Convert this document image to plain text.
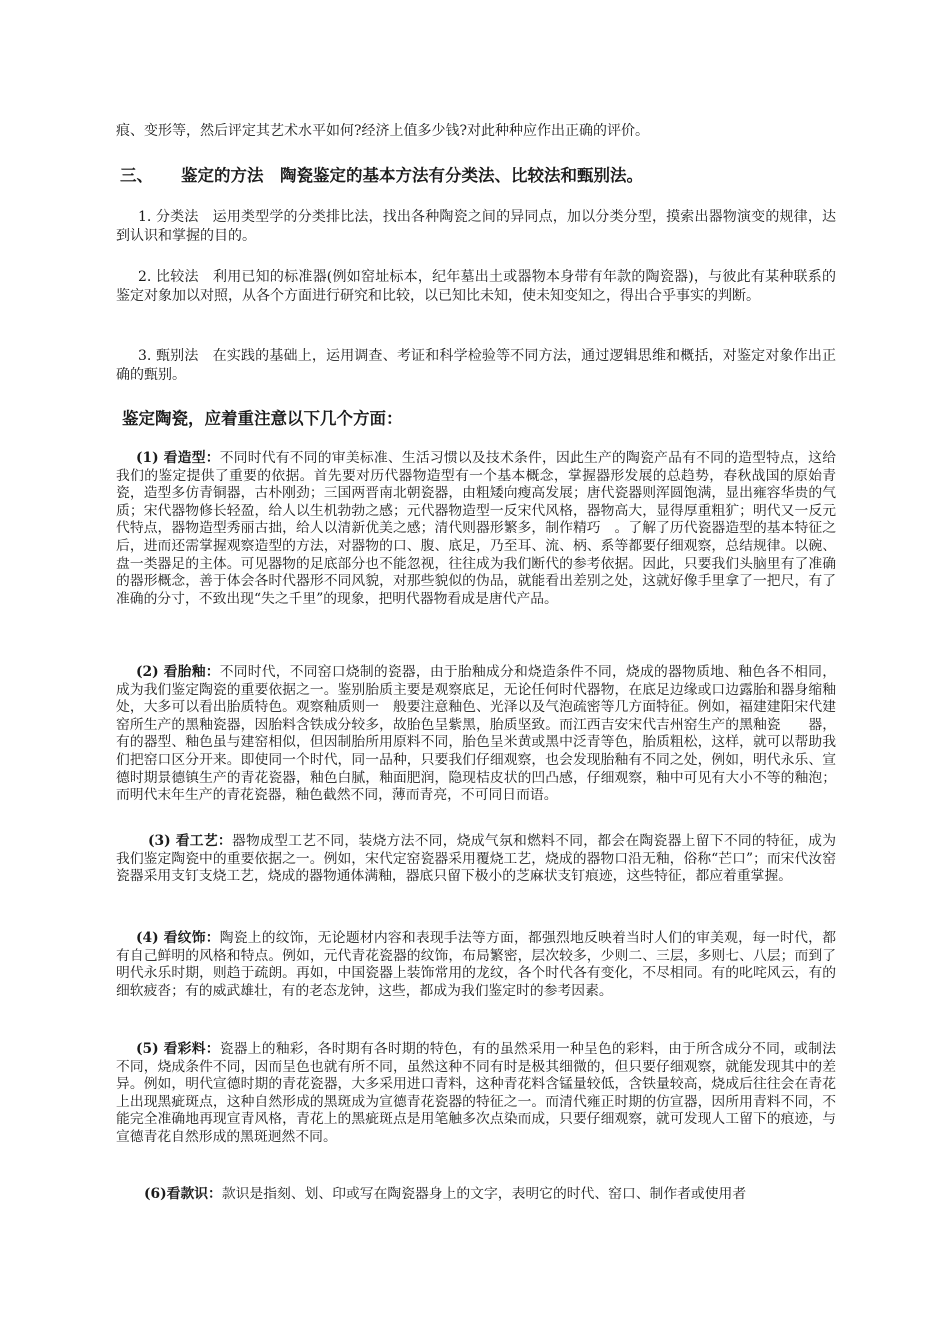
痕、变形等，然后评定其艺术水平如何?经济上值多少钱?对此种种应作出正确的评价。
三、 鉴定的方法　陶瓷鉴定的基本方法有分类法、比较法和甄别法。
1. 分类法　 运用类型学的分类排比法，找出各种陶瓷之间的异同点，加以分类分型，摸索出器物演变的规律，达到认识和掌握的目的。
2. 比较法　 利用已知的标准器(例如窑址标本，纪年墓出土或器物本身带有年款的陶瓷器)，与彼此有某种联系的鉴定对象加以对照，从各个方面进行研究和比较，以已知比未知，使未知变知之，得出合乎事实的判断。
3. 甄别法　 在实践的基础上，运用调查、考证和科学检验等不同方法，通过逻辑思维和概括，对鉴定对象作出正确的甄别。
鉴定陶瓷，应着重注意以下几个方面：
(1) 看造型：不同时代有不同的审美标准、生活习惯以及技术条件，因此生产的陶瓷产品有不同的造型特点，这给我们的鉴定提供了重要的依据。首先要对历代器物造型有一个基本概念，掌握器形发展的总趋势，春秋战国的原始青瓷，造型多仿青铜器，古朴刚劲；三国两晋南北朝瓷器，由粗矮向瘦高发展；唐代瓷器则浑圆饱满，显出雍容华贵的气质；宋代器物修长轻盈，给人以生机勃勃之感；元代器物造型一反宋代风格，器物高大，显得厚重粗犷；明代又一反元代特点，器物造型秀丽古拙，给人以清新优美之感；清代则器形繁多，制作精巧　。了解了历代瓷器造型的基本特征之后，进而还需掌握观察造型的方法，对器物的口、腹、底足，乃至耳、流、柄、系等都要仔细观察，总结规律。以碗、盘一类器足的主体。可见器物的足底部分也不能忽视，往往成为我们断代的参考依据。因此，只要我们头脑里有了准确的器形概念，善于体会各时代器形不同风貌，对那些貌似的伪品，就能看出差别之处，这就好像手里拿了一把尺，有了准确的分寸，不致出现“失之千里”的现象，把明代器物看成是唐代产品。
(2) 看胎釉：不同时代，不同窑口烧制的瓷器，由于胎釉成分和烧造条件不同，烧成的器物质地、釉色各不相同，成为我们鉴定陶瓷的重要依据之一。鉴别胎质主要是观察底足，无论任何时代器物，在底足边缘或口边露胎和器身缩釉处，大多可以看出胎质特色。观察釉质则一　般要注意釉色、光泽以及气泡疏密等几方面特征。例如，福建建阳宋代建窑所生产的黑釉瓷器，因胎料含铁成分较多，故胎色呈紫黑，胎质坚致。而江西吉安宋代吉州窑生产的黑釉瓷　　器，有的器型、釉色虽与建窑相似，但因制胎所用原料不同，胎色呈米黄或黑中泛青等色，胎质粗松，这样，就可以帮助我们把窑口区分开来。即使同一个时代，同一品种，只要我们仔细观察，也会发现胎釉有不同之处，例如，明代永乐、宣德时期景德镇生产的青花瓷器，釉色白腻，釉面肥润，隐现桔皮状的凹凸感，仔细观察，釉中可见有大小不等的釉泡；而明代末年生产的青花瓷器，釉色截然不同，薄而青亮，不可同日而语。
(3) 看工艺：器物成型工艺不同，装烧方法不同，烧成气氛和燃料不同，都会在陶瓷器上留下不同的特征，成为我们鉴定陶瓷中的重要依据之一。例如，宋代定窑瓷器采用覆烧工艺，烧成的器物口沿无釉，俗称“芒口”；而宋代汝窑瓷器采用支钉支烧工艺，烧成的器物通体满釉，器底只留下极小的芝麻状支钉痕迹，这些特征，都应着重掌握。
(4) 看纹饰：陶瓷上的纹饰，无论题材内容和表现手法等方面，都强烈地反映着当时人们的审美观，每一时代，都有自己鲜明的风格和特点。例如，元代青花瓷器的纹饰，布局繁密，层次较多，少则二、三层，多则七、八层；而到了明代永乐时期，则趋于疏朗。再如，中国瓷器上装饰常用的龙纹，各个时代各有变化，不尽相同。有的叱咤风云，有的细软疲沓；有的威武雄壮，有的老态龙钟，这些，都成为我们鉴定时的参考因素。
(5) 看彩料：瓷器上的釉彩，各时期有各时期的特色，有的虽然采用一种呈色的彩料，由于所含成分不同，或制法不同，烧成条件不同，因而呈色也就有所不同，虽然这种不同有时是极其细微的，但只要仔细观察，就能发现其中的差异。例如，明代宣德时期的青花瓷器，大多采用进口青料，这种青花料含锰量较低，含铁量较高，烧成后往往会在青花上出现黑疵斑点，这种自然形成的黑斑成为宣德青花瓷器的特征之一。而清代雍正时期的仿宣器，因所用青料不同，不能完全准确地再现宣青风格，青花上的黑疵斑点是用笔触多次点染而成，只要仔细观察，就可发现人工留下的痕迹，与宣德青花自然形成的黑斑迥然不同。
(6)看款识：款识是指刻、划、印或写在陶瓷器身上的文字，表明它的时代、窑口、制作者或使用者
